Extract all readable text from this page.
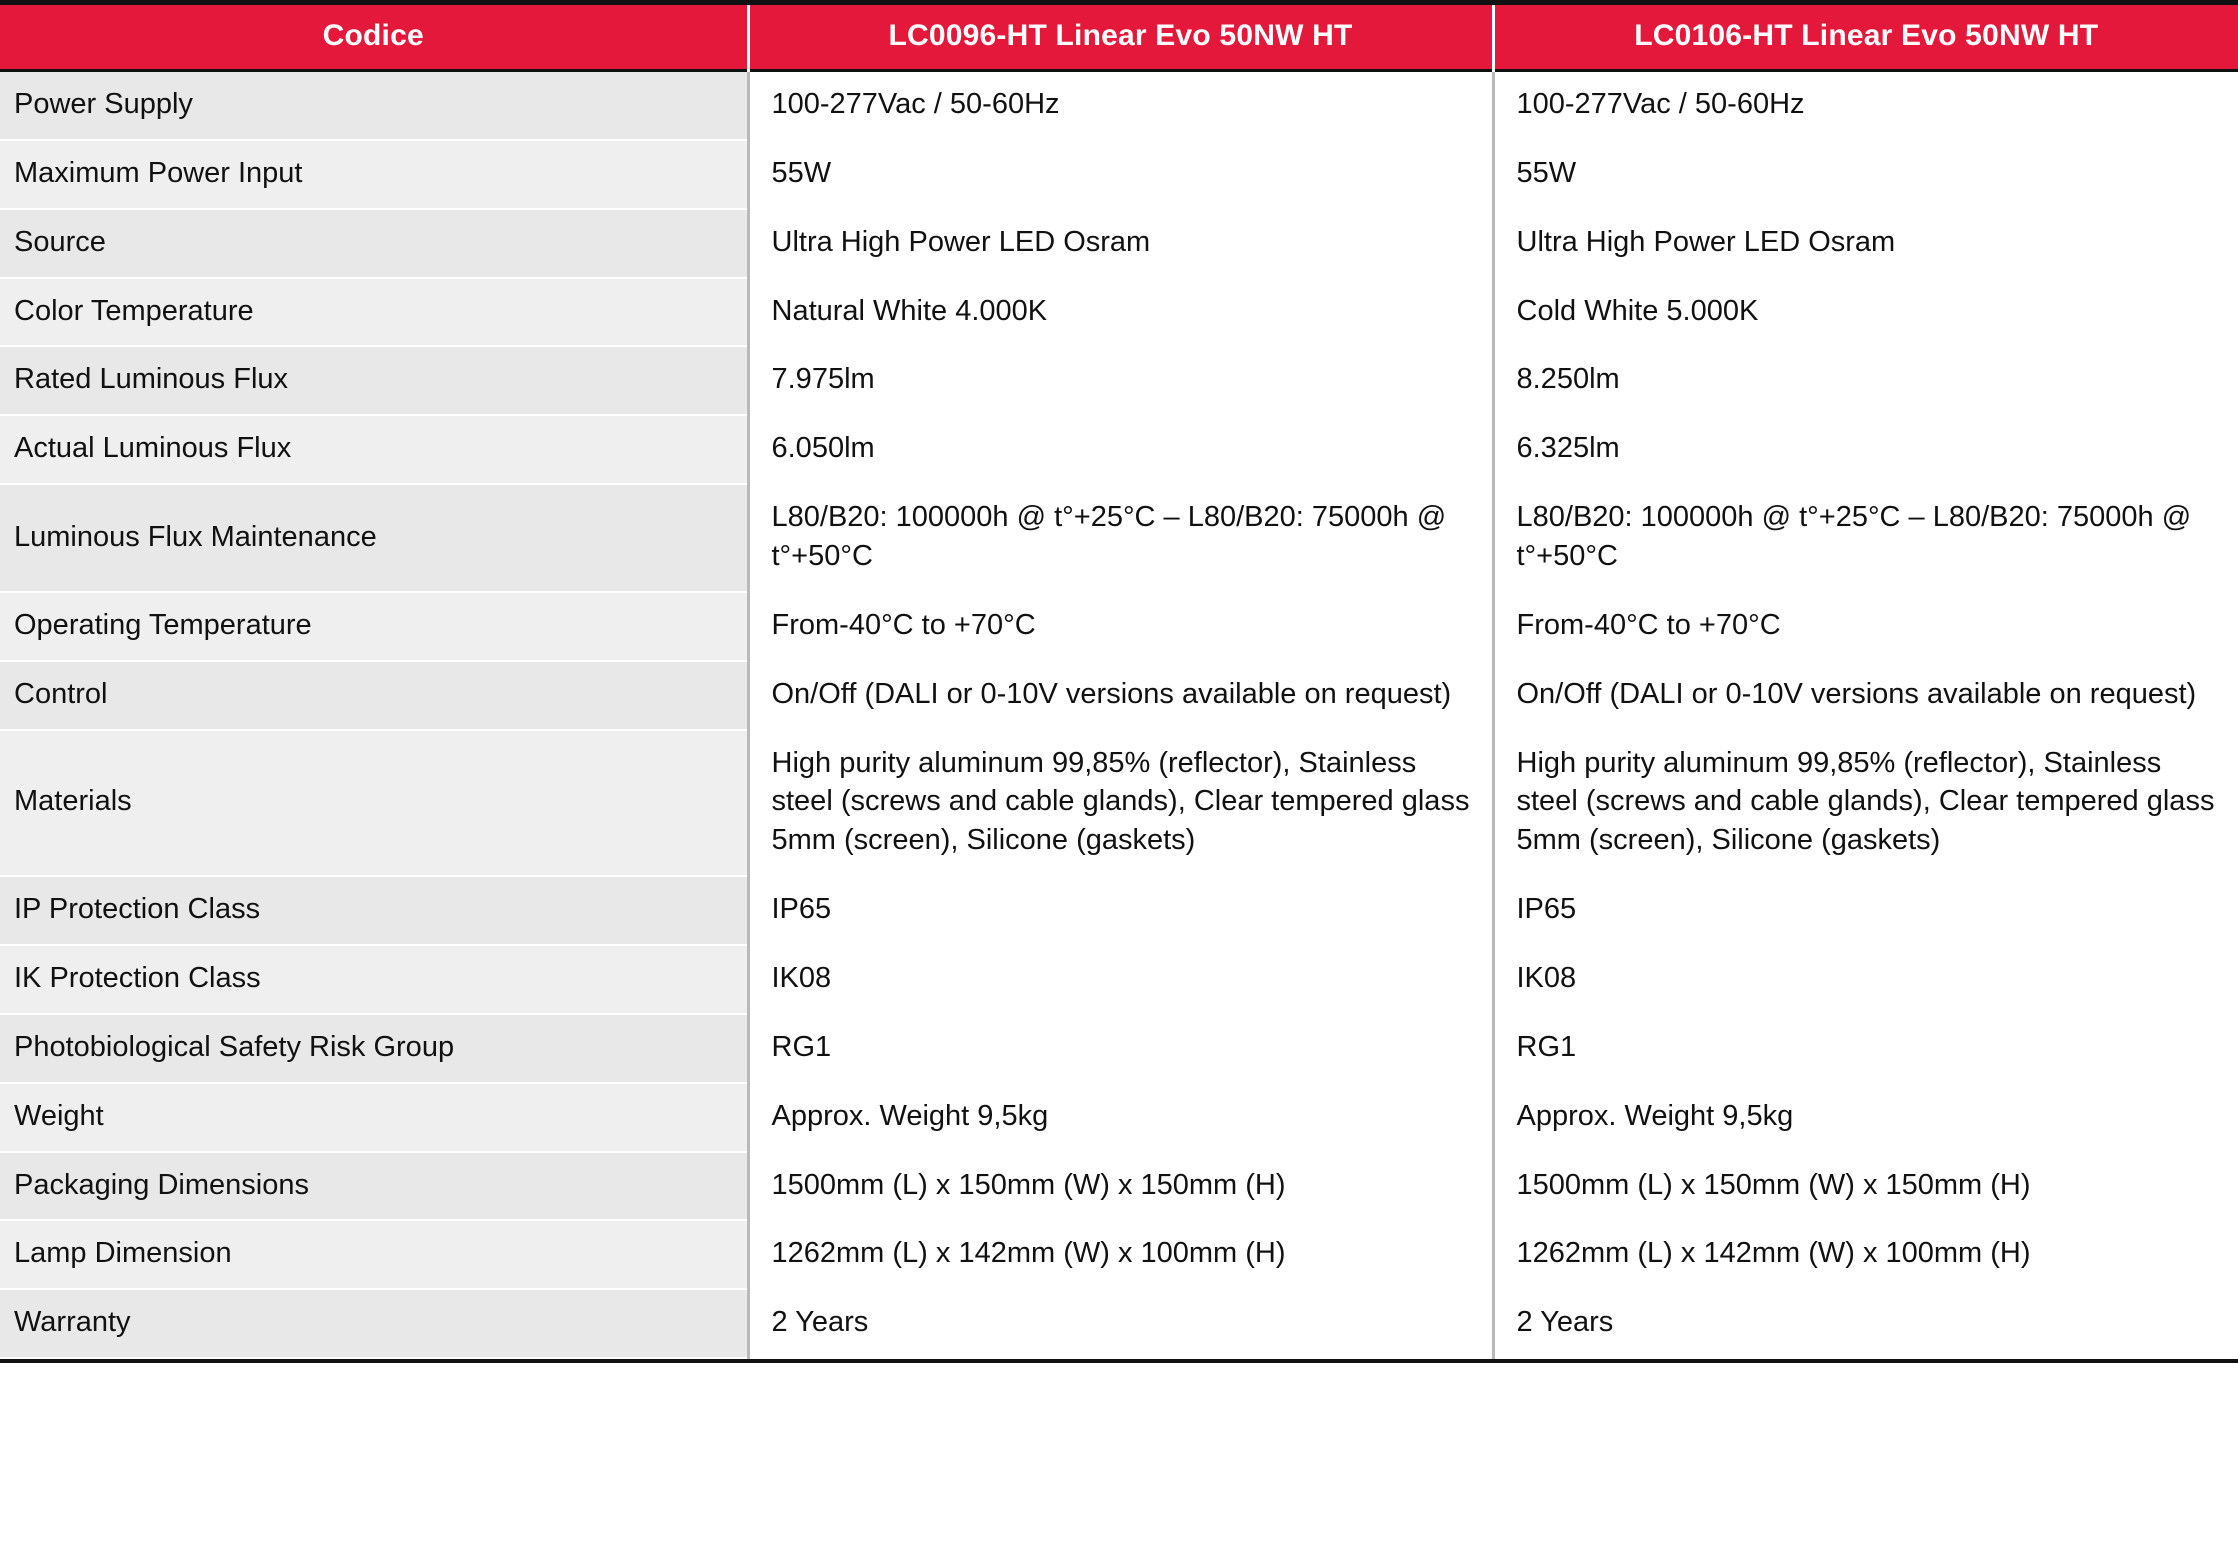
Codice	LC0096-HT Linear Evo 50NW HT	LC0106-HT Linear Evo 50NW HT
Power Supply	100-277Vac / 50-60Hz	100-277Vac / 50-60Hz
Maximum Power Input	55W	55W
Source	Ultra High Power LED Osram	Ultra High Power LED Osram
Color Temperature	Natural White 4.000K	Cold White 5.000K
Rated Luminous Flux	7.975lm	8.250lm
Actual Luminous Flux	6.050lm	6.325lm
Luminous Flux Maintenance	L80/B20: 100000h @ t°+25°C – L80/B20: 75000h @ t°+50°C	L80/B20: 100000h @ t°+25°C – L80/B20: 75000h @ t°+50°C
Operating Temperature	From-40°C to +70°C	From-40°C to +70°C
Control	On/Off (DALI or 0-10V versions available on request)	On/Off (DALI or 0-10V versions available on request)
Materials	High purity aluminum 99,85% (reflector), Stainless steel (screws and cable glands), Clear tempered glass 5mm (screen), Silicone (gaskets)	High purity aluminum 99,85% (reflector), Stainless steel (screws and cable glands), Clear tempered glass 5mm (screen), Silicone (gaskets)
IP Protection Class	IP65	IP65
IK Protection Class	IK08	IK08
Photobiological Safety Risk Group	RG1	RG1
Weight	Approx. Weight 9,5kg	Approx. Weight 9,5kg
Packaging Dimensions	1500mm (L) x 150mm (W) x 150mm (H)	1500mm (L) x 150mm (W) x 150mm (H)
Lamp Dimension	1262mm (L) x 142mm (W) x 100mm (H)	1262mm (L) x 142mm (W) x 100mm (H)
Warranty	2 Years	2 Years
